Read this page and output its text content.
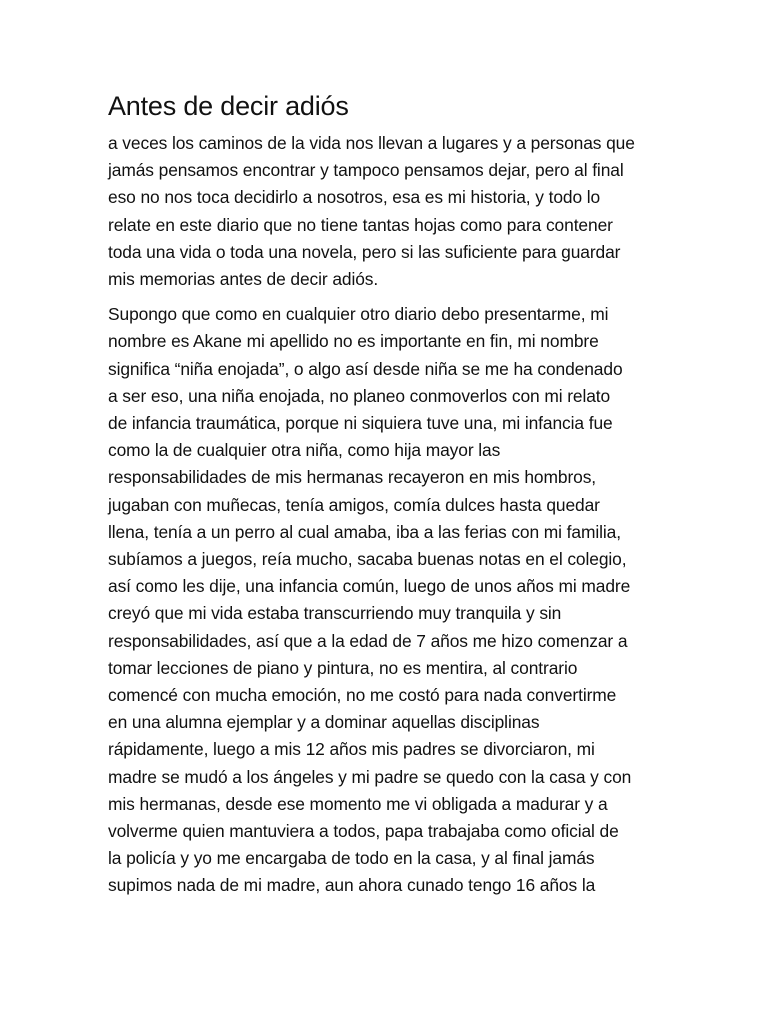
Antes de decir adiós

a veces los caminos de la vida nos llevan a lugares y a personas que
jamás pensamos encontrar y tampoco pensamos dejar, pero al final
eso no nos toca decidirlo a nosotros, esa es mi historia, y todo lo
relate en este diario que no tiene tantas hojas como para contener
toda una vida o toda una novela, pero si las suficiente para guardar
mis memorias antes de decir adiós.

Supongo que como en cualquier otro diario debo presentarme, mi
nombre es Akane mi apellido no es importante en fin, mi nombre
significa “niña enojada”, o algo así desde niña se me ha condenado
a ser eso, una niña enojada, no planeo conmoverlos con mi relato
de infancia traumática, porque ni siquiera tuve una, mi infancia fue
como la de cualquier otra niña, como hija mayor las
responsabilidades de mis hermanas recayeron en mis hombros,
jugaban con muñecas, tenía amigos, comía dulces hasta quedar
llena, tenía a un perro al cual amaba, iba a las ferias con mi familia,
subíamos a juegos, reía mucho, sacaba buenas notas en el colegio,
así como les dije, una infancia común, luego de unos años mi madre
creyó que mi vida estaba transcurriendo muy tranquila y sin
responsabilidades, así que a la edad de 7 años me hizo comenzar a
tomar lecciones de piano y pintura, no es mentira, al contrario
comencé con mucha emoción, no me costó para nada convertirme
en una alumna ejemplar y a dominar aquellas disciplinas
rápidamente, luego a mis 12 años mis padres se divorciaron, mi
madre se mudó a los ángeles y mi padre se quedo con la casa y con
mis hermanas, desde ese momento me vi obligada a madurar y a
volverme quien mantuviera a todos, papa trabajaba como oficial de
la policía y yo me encargaba de todo en la casa, y al final jamás
supimos nada de mi madre, aun ahora cunado tengo 16 años la
